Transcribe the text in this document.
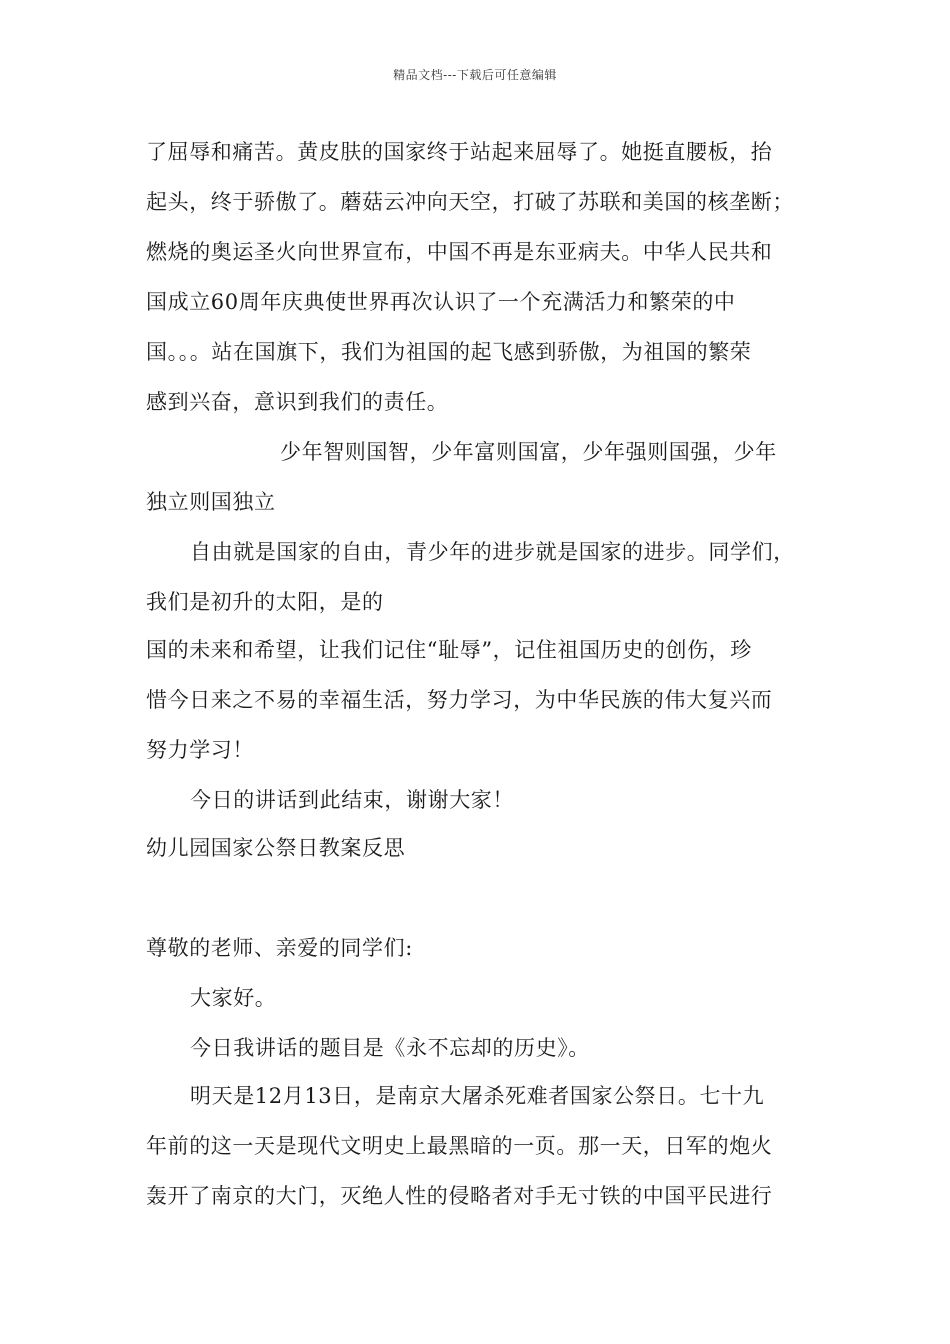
精品文档---下载后可任意编辑
了屈辱和痛苦。黄皮肤的国家终于站起来屈辱了。她挺直腰板，抬
起头，终于骄傲了。蘑菇云冲向天空，打破了苏联和美国的核垄断；
燃烧的奥运圣火向世界宣布，中国不再是东亚病夫。中华人民共和
国成立60周年庆典使世界再次认识了一个充满活力和繁荣的中
国。。。站在国旗下，我们为祖国的起飞感到骄傲，为祖国的繁荣
感到兴奋，意识到我们的责任。
少年智则国智，少年富则国富，少年强则国强，少年
独立则国独立
自由就是国家的自由，青少年的进步就是国家的进步。同学们，
我们是初升的太阳，是的
国的未来和希望，让我们记住“耻辱”，记住祖国历史的创伤，珍
惜今日来之不易的幸福生活，努力学习，为中华民族的伟大复兴而
努力学习！
今日的讲话到此结束，谢谢大家！
幼儿园国家公祭日教案反思
尊敬的老师、亲爱的同学们:
大家好。
今日我讲话的题目是《永不忘却的历史》。
明天是12月13日，是南京大屠杀死难者国家公祭日。七十九
年前的这一天是现代文明史上最黑暗的一页。那一天，日军的炮火
轰开了南京的大门，灭绝人性的侵略者对手无寸铁的中国平民进行
